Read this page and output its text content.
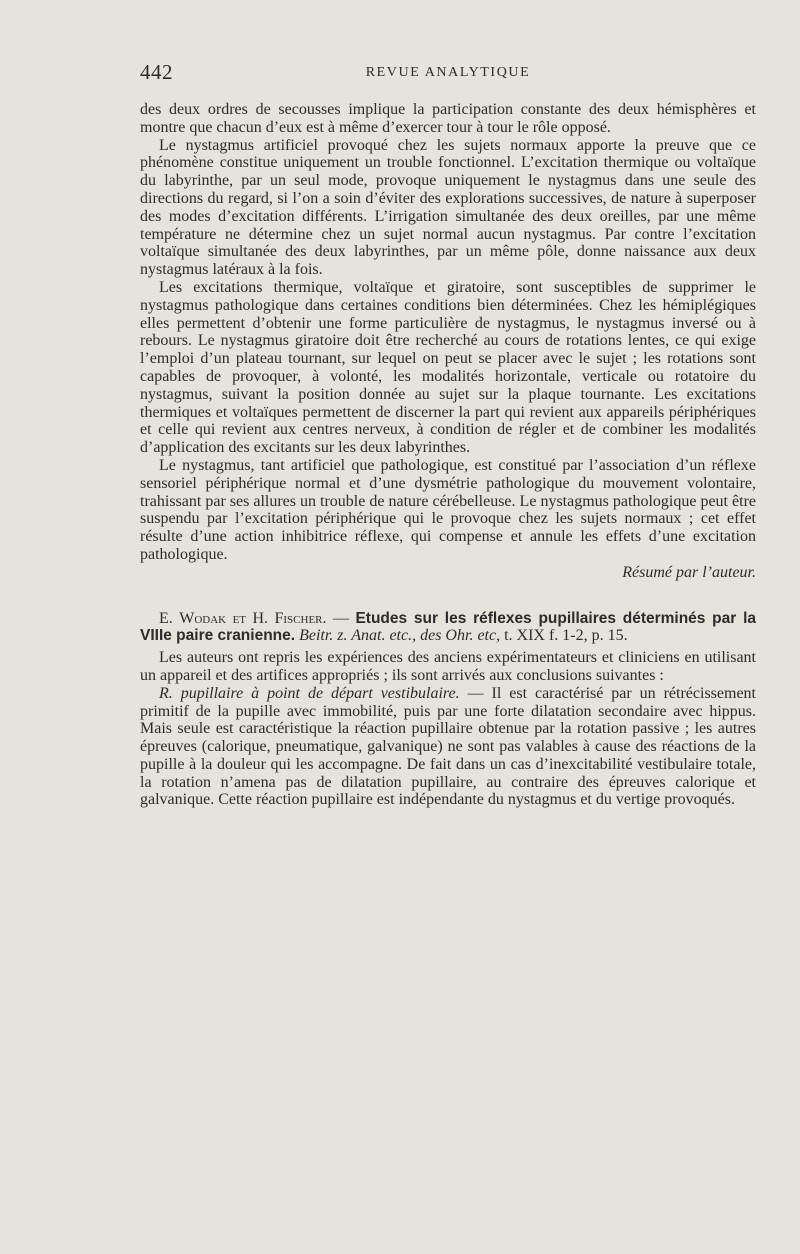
442	REVUE ANALYTIQUE

des deux ordres de secousses implique la participation constante des deux hémisphères et montre que chacun d’eux est à même d’exercer tour à tour le rôle opposé.

Le nystagmus artificiel provoqué chez les sujets normaux apporte la preuve que ce phénomène constitue uniquement un trouble fonctionnel. L’excitation thermique ou voltaïque du labyrinthe, par un seul mode, provoque uniquement le nystagmus dans une seule des directions du regard, si l’on a soin d’éviter des explorations successives, de nature à superposer des modes d’excitation différents. L’irrigation simultanée des deux oreilles, par une même température ne détermine chez un sujet normal aucun nystagmus. Par contre l’excitation voltaïque simultanée des deux labyrinthes, par un même pôle, donne naissance aux deux nystagmus latéraux à la fois.

Les excitations thermique, voltaïque et giratoire, sont susceptibles de supprimer le nystagmus pathologique dans certaines conditions bien déterminées. Chez les hémiplégiques elles permettent d’obtenir une forme particulière de nystagmus, le nystagmus inversé ou à rebours. Le nystagmus giratoire doit être recherché au cours de rotations lentes, ce qui exige l’emploi d’un plateau tournant, sur lequel on peut se placer avec le sujet ; les rotations sont capables de provoquer, à volonté, les modalités horizontale, verticale ou rotatoire du nystagmus, suivant la position donnée au sujet sur la plaque tournante. Les excitations thermiques et voltaïques permettent de discerner la part qui revient aux appareils périphériques et celle qui revient aux centres nerveux, à condition de régler et de combiner les modalités d’application des excitants sur les deux labyrinthes.

Le nystagmus, tant artificiel que pathologique, est constitué par l’association d’un réflexe sensoriel périphérique normal et d’une dysmétrie pathologique du mouvement volontaire, trahissant par ses allures un trouble de nature cérébelleuse. Le nystagmus pathologique peut être suspendu par l’excitation périphérique qui le provoque chez les sujets normaux ; cet effet résulte d’une action inhibitrice réflexe, qui compense et annule les effets d’une excitation pathologique.

Résumé par l’auteur.

E. Wodak et H. Fischer. — Etudes sur les réflexes pupillaires déterminés par la VIIIe paire cranienne. Beitr. z. Anat. etc., des Ohr. etc, t. XIX f. 1-2, p. 15.

Les auteurs ont repris les expériences des anciens expérimentateurs et cliniciens en utilisant un appareil et des artifices appropriés ; ils sont arrivés aux conclusions suivantes :

R. pupillaire à point de départ vestibulaire. — Il est caractérisé par un rétrécissement primitif de la pupille avec immobilité, puis par une forte dilatation secondaire avec hippus. Mais seule est caractéristique la réaction pupillaire obtenue par la rotation passive ; les autres épreuves (calorique, pneumatique, galvanique) ne sont pas valables à cause des réactions de la pupille à la douleur qui les accompagne. De fait dans un cas d’inexcitabilité vestibulaire totale, la rotation n’amena pas de dilatation pupillaire, au contraire des épreuves calorique et galvanique. Cette réaction pupillaire est indépendante du nystagmus et du vertige provoqués.
